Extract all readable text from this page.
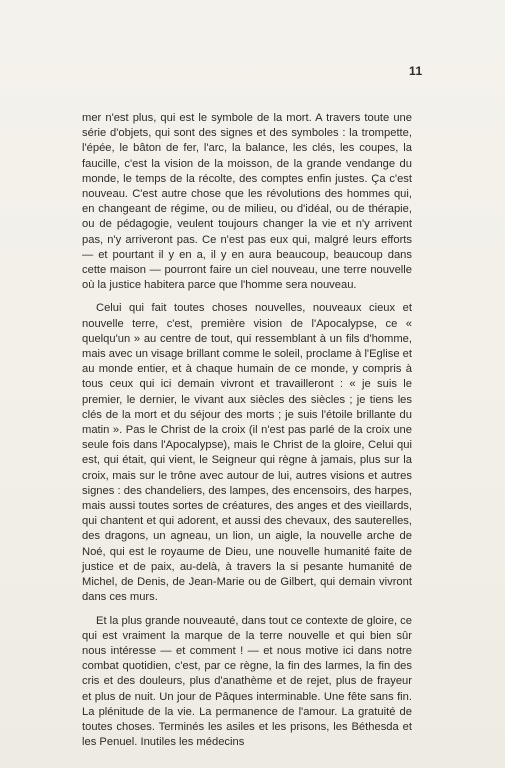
11

mer n'est plus, qui est le symbole de la mort. A travers toute une série d'objets, qui sont des signes et des symboles : la trompette, l'épée, le bâton de fer, l'arc, la balance, les clés, les coupes, la faucille, c'est la vision de la moisson, de la grande vendange du monde, le temps de la récolte, des comptes enfin justes. Ça c'est nouveau. C'est autre chose que les révolutions des hommes qui, en changeant de régime, ou de milieu, ou d'idéal, ou de thérapie, ou de pédagogie, veulent toujours changer la vie et n'y arrivent pas, n'y arriveront pas. Ce n'est pas eux qui, malgré leurs efforts — et pourtant il y en a, il y en aura beaucoup, beaucoup dans cette maison — pourront faire un ciel nouveau, une terre nouvelle où la justice habitera parce que l'homme sera nouveau.

Celui qui fait toutes choses nouvelles, nouveaux cieux et nouvelle terre, c'est, première vision de l'Apocalypse, ce « quelqu'un » au centre de tout, qui ressemblant à un fils d'homme, mais avec un visage brillant comme le soleil, proclame à l'Eglise et au monde entier, et à chaque humain de ce monde, y compris à tous ceux qui ici demain vivront et travailleront : « je suis le premier, le dernier, le vivant aux siècles des siècles ; je tiens les clés de la mort et du séjour des morts ; je suis l'étoile brillante du matin ». Pas le Christ de la croix (il n'est pas parlé de la croix une seule fois dans l'Apocalypse), mais le Christ de la gloire, Celui qui est, qui était, qui vient, le Seigneur qui règne à jamais, plus sur la croix, mais sur le trône avec autour de lui, autres visions et autres signes : des chandeliers, des lampes, des encensoirs, des harpes, mais aussi toutes sortes de créatures, des anges et des vieillards, qui chantent et qui adorent, et aussi des chevaux, des sauterelles, des dragons, un agneau, un lion, un aigle, la nouvelle arche de Noé, qui est le royaume de Dieu, une nouvelle humanité faite de justice et de paix, au-delà, à travers la si pesante humanité de Michel, de Denis, de Jean-Marie ou de Gilbert, qui demain vivront dans ces murs.

Et la plus grande nouveauté, dans tout ce contexte de gloire, ce qui est vraiment la marque de la terre nouvelle et qui bien sûr nous intéresse — et comment ! — et nous motive ici dans notre combat quotidien, c'est, par ce règne, la fin des larmes, la fin des cris et des douleurs, plus d'anathème et de rejet, plus de frayeur et plus de nuit. Un jour de Pâques interminable. Une fête sans fin. La plénitude de la vie. La permanence de l'amour. La gratuité de toutes choses. Terminés les asiles et les prisons, les Béthesda et les Penuel. Inutiles les médecins
